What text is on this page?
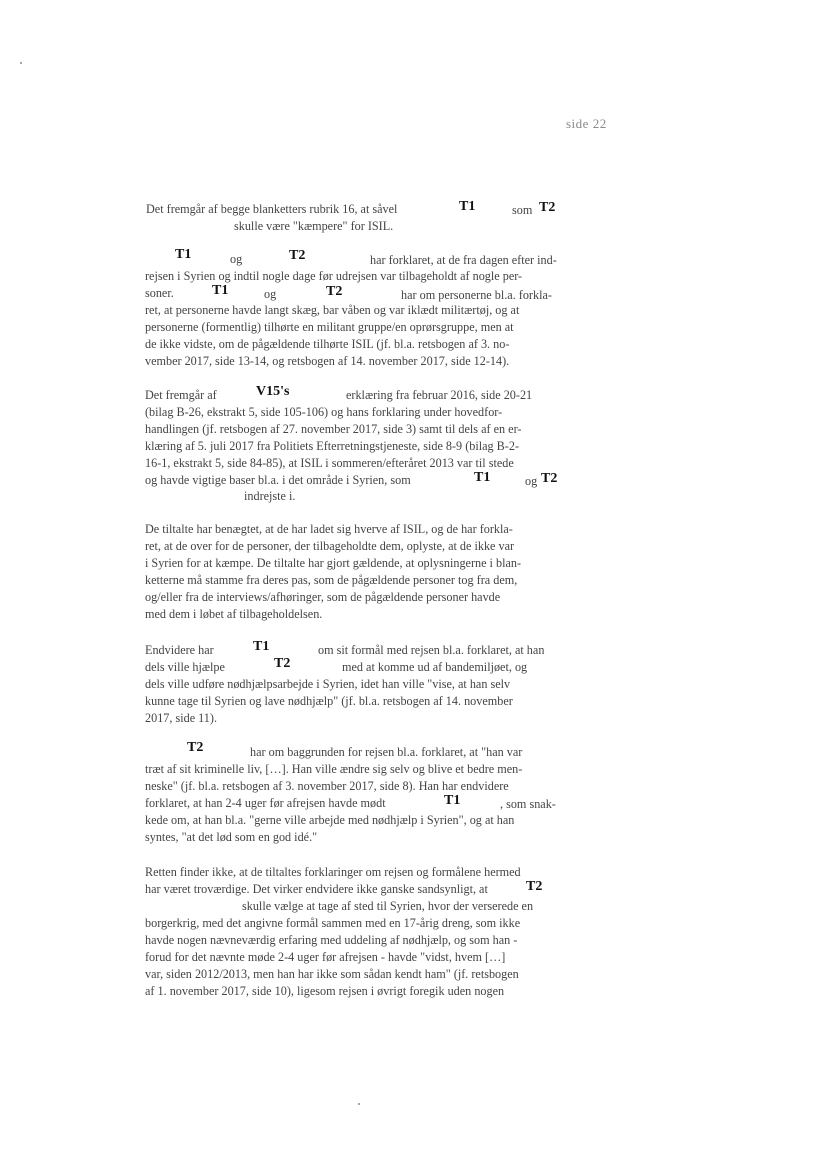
side 22
Det fremgår af begge blanketters rubrik 16, at såvel	T1	som T2
skulle være "kæmpere" for ISIL.
T1	og	T2	har forklaret, at de fra dagen efter ind-
rejsen i Syrien og indtil nogle dage før udrejsen var tilbageholdt af nogle per-
soner.	T1	og	T2	har om personerne bl.a. forkla-
ret, at personerne havde langt skæg, bar våben og var iklædt militærtøj, og at
personerne (formentlig) tilhørte en militant gruppe/en oprørsgruppe, men at
de ikke vidste, om de pågældende tilhørte ISIL (jf. bl.a. retsbogen af 3. no-
vember 2017, side 13-14, og retsbogen af 14. november 2017, side 12-14).
Det fremgår af	V15's	erklæring fra februar 2016, side 20-21
(bilag B-26, ekstrakt 5, side 105-106) og hans forklaring under hovedfor-
handlingen (jf. retsbogen af 27. november 2017, side 3) samt til dels af en er-
klæring af 5. juli 2017 fra Politiets Efterretningstjeneste, side 8-9 (bilag B-2-
16-1, ekstrakt 5, side 84-85), at ISIL i sommeren/efteråret 2013 var til stede
og havde vigtige baser bl.a. i det område i Syrien, som	T1	og T2
indrejste i.
De tiltalte har benægtet, at de har ladet sig hverve af ISIL, og de har forkla-
ret, at de over for de personer, der tilbageholdte dem, oplyste, at de ikke var
i Syrien for at kæmpe. De tiltalte har gjort gældende, at oplysningerne i blan-
ketterne må stamme fra deres pas, som de pågældende personer tog fra dem,
og/eller fra de interviews/afhøringer, som de pågældende personer havde
med dem i løbet af tilbageholdelsen.
Endvidere har	T1	om sit formål med rejsen bl.a. forklaret, at han
dels ville hjælpe	T2	med at komme ud af bandemiljøet, og
dels ville udføre nødhjælpsarbejde i Syrien, idet han ville "vise, at han selv
kunne tage til Syrien og lave nødhjælp" (jf. bl.a. retsbogen af 14. november
2017, side 11).
T2	har om baggrunden for rejsen bl.a. forklaret, at "han var
træt af sit kriminelle liv, […]. Han ville ændre sig selv og blive et bedre men-
neske" (jf. bl.a. retsbogen af 3. november 2017, side 8). Han har endvidere
forklaret, at han 2-4 uger før afrejsen havde mødt	T1	, som snak-
kede om, at han bl.a. "gerne ville arbejde med nødhjælp i Syrien", og at han
syntes, "at det lød som en god idé."
Retten finder ikke, at de tiltaltes forklaringer om rejsen og formålene hermed
har været troværdige. Det virker endvidere ikke ganske sandsynligt, at	T2
skulle vælge at tage af sted til Syrien, hvor der verserede en
borgerkrig, med det angivne formål sammen med en 17-årig dreng, som ikke
havde nogen nævneværdig erfaring med uddeling af nødhjælp, og som han -
forud for det nævnte møde 2-4 uger før afrejsen - havde "vidst, hvem […]
var, siden 2012/2013, men han har ikke som sådan kendt ham" (jf. retsbogen
af 1. november 2017, side 10), ligesom rejsen i øvrigt foregik uden nogen
